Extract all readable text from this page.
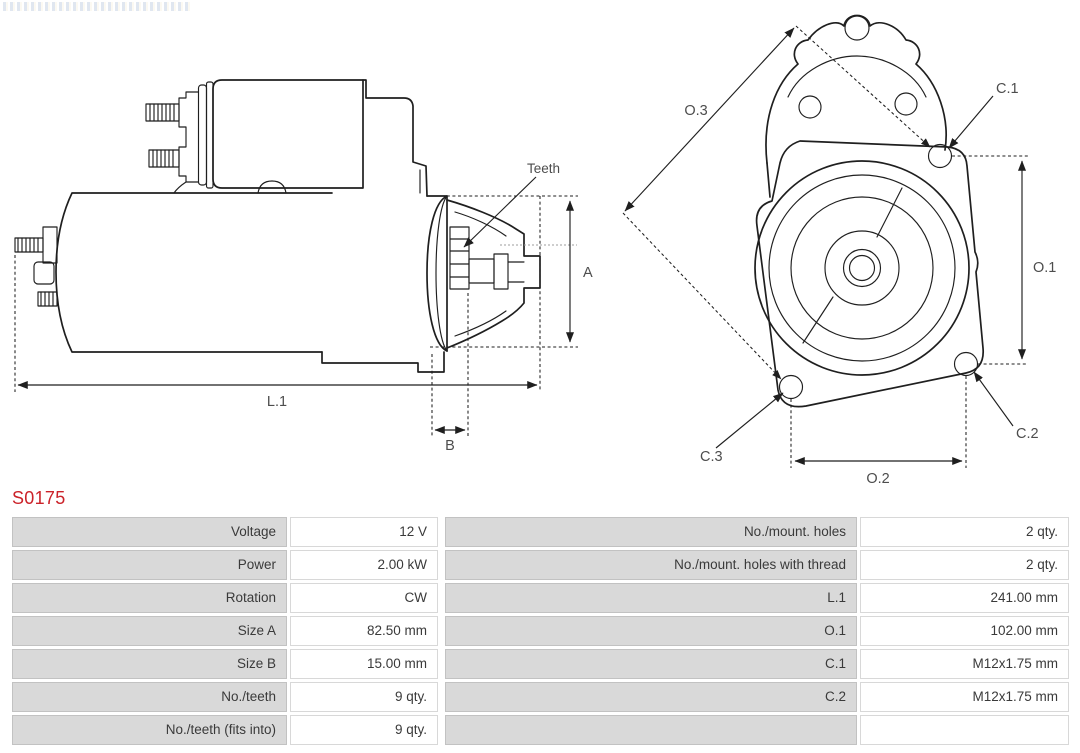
A
L.1
B
Teeth
O.3
O.1
O.2
C.1
C.2
C.3
S0175
Voltage	12 V	No./mount. holes	2 qty.
Power	2.00 kW	No./mount. holes with thread	2 qty.
Rotation	CW	L.1	241.00 mm
Size A	82.50 mm	O.1	102.00 mm
Size B	15.00 mm	C.1	M12x1.75 mm
No./teeth	9 qty.	C.2	M12x1.75 mm
No./teeth (fits into)	9 qty.
